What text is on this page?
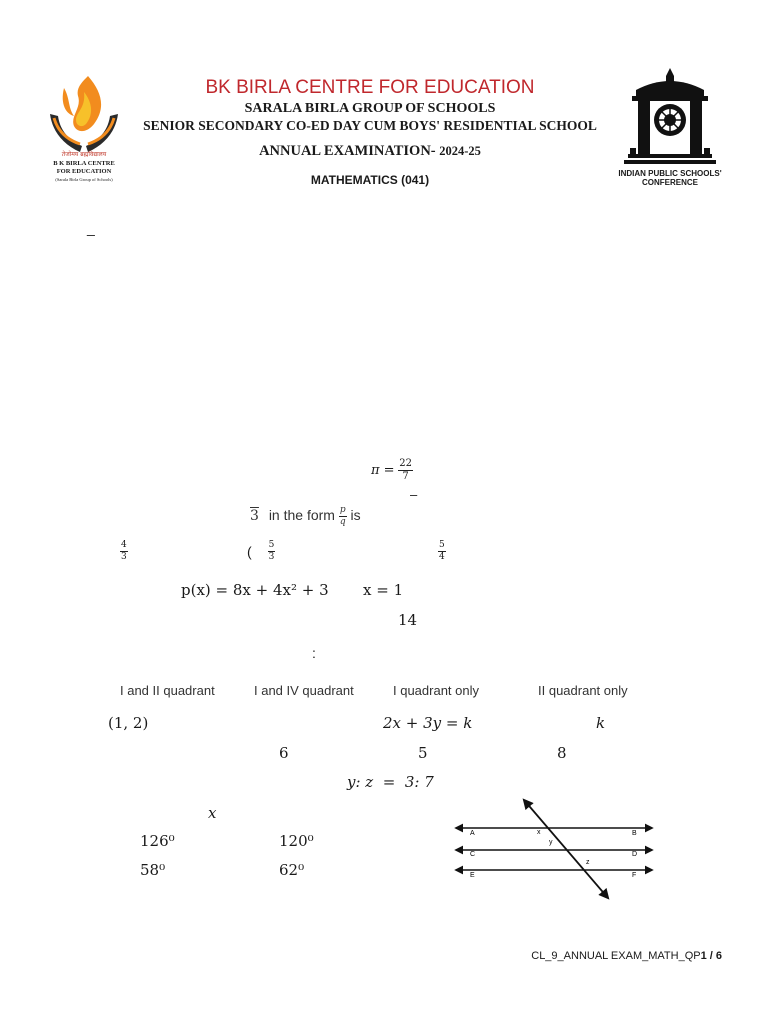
तेजोमय ब्रह्मविद्यालय
B K BIRLA CENTRE
FOR EDUCATION
(Sarala Birla Group of Schools)
BK BIRLA CENTRE FOR EDUCATION
SARALA BIRLA GROUP OF SCHOOLS
SENIOR SECONDARY CO-ED DAY CUM BOYS' RESIDENTIAL SCHOOL
ANNUAL EXAMINATION- 2024-25
MATHEMATICS (041)	INDIAN PUBLIC SCHOOLS'
CONFERENCE
_
$\pi = \frac{22}{7}$
–
3 in the form $\frac{p}{q}$ is
$\frac{4}{3}$	( $\frac{5}{3}$	$\frac{5}{4}$
p(x) = 8x + 4x² + 3 x = 1
14
:
I and II quadrant	I and IV quadrant	I quadrant only	II quadrant only
(1, 2)	2x + 3y = k	k
6	5	8
y: z  =  3: 7
x
126⁰	120⁰
58⁰	62⁰
A
C
E
B
D
F
x
y
z
CL_9_ANNUAL EXAM_MATH_QP1 / 6
